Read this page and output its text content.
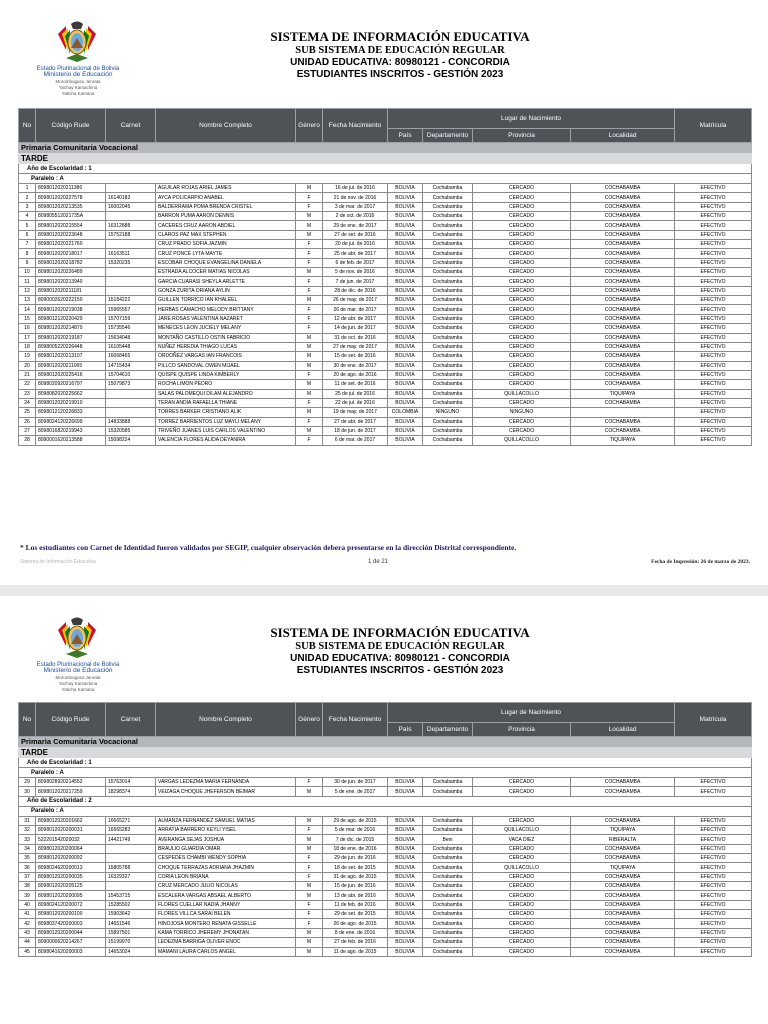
Estado Plurinacional de Bolivia
Ministerio de Educación
Morombogusu Jeroata
Yachay Kamachina
Yaticha Kamana
SISTEMA DE INFORMACIÓN EDUCATIVA
SUB SISTEMA DE EDUCACIÓN REGULAR
UNIDAD EDUCATIVA: 80980121 - CONCORDIA
ESTUDIANTES INSCRITOS - GESTIÓN 2023
No	Código Rude	Carnet	Nombre Completo	Género	Fecha Nacimiento	Lugar de Nacimiento				Matrícula
						País	Departamento	Provincia	Localidad	
Primaria Comunitaria Vocacional										
TARDE										
Año de Escolaridad : 1										
Paralelo : A										
1	8098012020211386		AGUILAR ROJAS ARIEL JAMES	M	16 de jul. de 2016	BOLIVIA	Cochabamba	CERCADO	COCHABAMBA	EFECTIVO
2	8098012020227578	16140183	AYCA POLICARPIO ANABEL	F	21 de nov. de 2016	BOLIVIA	Cochabamba	CERCADO	COCHABAMBA	EFECTIVO
3	8098012020213535	16002045	BALDERRAMA POMA BRENDA CRISTEL	F	3 de mar. de 2017	BOLIVIA	Cochabamba	CERCADO	COCHABAMBA	EFECTIVO
4	809805512021735A		BARRON PUMA AARON DENNIS	M	2 de oct. de 2016	BOLIVIA	Cochabamba	CERCADO	COCHABAMBA	EFECTIVO
5	8098012020215554	16312888	CACERES CRUZ AARON ABDIEL	M	29 de ene. de 2017	BOLIVIA	Cochabamba	CERCADO	COCHABAMBA	EFECTIVO
6	8098012020223648	15752188	CLAROS PAZ MAX STEPHEN	M	27 de set. de 2016	BOLIVIA	Cochabamba	CERCADO	COCHABAMBA	EFECTIVO
7	8098012020221760		CRUZ PRADO SOFIA JAZMIN	F	20 de jul. de 2016	BOLIVIA	Cochabamba	CERCADO	COCHABAMBA	EFECTIVO
8	8098012020218017	16163511	CRUZ PONCE LYTA MAYTE	F	25 de abr. de 2017	BOLIVIA	Cochabamba	CERCADO	COCHABAMBA	EFECTIVO
9	8098012020218782	15320235	ESCOBAR CHOQUE EVANGELINA DANIELA	F	6 de feb. de 2017	BOLIVIA	Cochabamba	CERCADO	COCHABAMBA	EFECTIVO
10	8098012020226489		ESTRADA ALCOCER MATIAS NICOLAS	M	5 de nov. de 2016	BOLIVIA	Cochabamba	CERCADO	COCHABAMBA	EFECTIVO
11	8098012020213940		GARCIA CUARASI SHEYLA ARLETTE	F	7 de jun. de 2017	BOLIVIA	Cochabamba	CERCADO	COCHABAMBA	EFECTIVO
12	8098012020211181		GONZA ZURITA ORIANA AYLIN	F	28 de dic. de 2016	BOLIVIA	Cochabamba	CERCADO	COCHABAMBA	EFECTIVO
13	8090002620222150	15184222	GUILLEN TORRICO IAN KHALEEL	M	26 de may. de 2017	BOLIVIA	Cochabamba	CERCADO	COCHABAMBA	EFECTIVO
14	8098012020219038	15965557	HERBAS CAMACHO MELODY BRITTANY	F	26 de mar. de 2017	BOLIVIA	Cochabamba	CERCADO	COCHABAMBA	EFECTIVO
15	8098012120220429	15707159	JARE ROSAS VALENTINA NAZARET	F	12 de abr. de 2017	BOLIVIA	Cochabamba	CERCADO	COCHABAMBA	EFECTIVO
16	8098012020214870	15735546	MENECES LEON JUCIELY MELANY	F	14 de jun. de 2017	BOLIVIA	Cochabamba	CERCADO	COCHABAMBA	EFECTIVO
17	8098012020219187	15634048	MONTAÑO CASTILLO OSTIN FABRICIO	M	31 de oct. de 2016	BOLIVIA	Cochabamba	CERCADO	COCHABAMBA	EFECTIVO
18	8098005220226448	16105448	NUÑEZ HEREDIA THIAGO LUCAS	M	27 de may. de 2017	BOLIVIA	Cochabamba	CERCADO	COCHABAMBA	EFECTIVO
19	8098012020213107	16068465	ORDOÑEZ VARGAS IAN FRANCOIS	M	15 de set. de 2016	BOLIVIA	Cochabamba	CERCADO	COCHABAMBA	EFECTIVO
20	8098012020211065	14715434	PILLCO SANDOVAL OWEN MIJAEL	M	30 de ene. de 2017	BOLIVIA	Cochabamba	CERCADO	COCHABAMBA	EFECTIVO
21	8098012020225416	15704610	QUISPE QUISPE LINDA KIMBERLY	F	20 de ago. de 2016	BOLIVIA	Cochabamba	CERCADO	COCHABAMBA	EFECTIVO
22	8098020920216797	15079873	ROCHA LIMON PEDRO	M	11 de set. de 2016	BOLIVIA	Cochabamba	CERCADO	COCHABAMBA	EFECTIVO
23	8098082020225662		SALAS PALOMEQUI DILAM ALEJANDRO	M	25 de jul. de 2016	BOLIVIA	Cochabamba	QUILLACOLLO	TIQUIPAYA	EFECTIVO
24	8098012020219910		TERAN ANDIA RAFAELLA THIANE	F	22 de jul. de 2016	BOLIVIA	Cochabamba	CERCADO	COCHABAMBA	EFECTIVO
25	8098012120226833		TORRES BARKER CRISTIANO ALIK	M	19 de may. de 2017	COLOMBIA	NINGUNO	NINGUNO		EFECTIVO
26	8098024120226699	14833888	TORREZ BARRIENTOS LUZ MAYLI MELANY	F	27 de abr. de 2017	BOLIVIA	Cochabamba	CERCADO	COCHABAMBA	EFECTIVO
27	8098016820219943	15320585	TRIVEÑO JUANES LUIS CARLOS VALENTINO	M	18 de jun. de 2017	BOLIVIA	Cochabamba	CERCADO	COCHABAMBA	EFECTIVO
28	8090001620213588	15098224	VALENCIA FLORES ALIDA DEYANIRA	F	6 de mar. de 2017	BOLIVIA	Cochabamba	QUILLACOLLO	TIQUIPAYA	EFECTIVO
* Los estudiantes con Carnet de Identidad fueron validados por SEGIP, cualquier observación debera presentarse en la dirección Distrital correspondiente.
Sistema de Información Educativa	1 de 21	Fecha de Impresión: 26 de marzo de 2023.
Estado Plurinacional de Bolivia
Ministerio de Educación
Morombogusu Jeroata
Yachay Kamachina
Yaticha Kamana
SISTEMA DE INFORMACIÓN EDUCATIVA
SUB SISTEMA DE EDUCACIÓN REGULAR
UNIDAD EDUCATIVA: 80980121 - CONCORDIA
ESTUDIANTES INSCRITOS - GESTIÓN 2023
No	Código Rude	Carnet	Nombre Completo	Género	Fecha Nacimiento	Lugar de Nacimiento				Matrícula
						País	Departamento	Provincia	Localidad	
Primaria Comunitaria Vocacional										
TARDE										
Año de Escolaridad : 1										
Paralelo : A										
29	8098028920214552	15763014	VARGAS LEDEZMA MARIA FERNANDA	F	30 de jun. de 2017	BOLIVIA	Cochabamba	CERCADO	COCHABAMBA	EFECTIVO
30	8098012020217259	18298374	VEIZAGA CHOQUE JHEFERSON BEIMAR	M	5 de ene. de 2017	BOLIVIA	Cochabamba	CERCADO	COCHABAMBA	EFECTIVO
Año de Escolaridad : 2										
Paralelo : A										
31	8098012020201662	16665271	ALMANZA FERNANDEZ SAMUEL MATIAS	M	29 de ago. de 2015	BOLIVIA	Cochabamba	CERCADO	COCHABAMBA	EFECTIVO
32	8098012020200031	16565283	ARRATIA BARRERO KEYLI YISEL	F	5 de mar. de 2016	BOLIVIA	Cochabamba	QUILLACOLLO	TIQUIPAYA	EFECTIVO
33	522201542020032	14421749	AVERANGA SEJAS JOSHUA	M	7 de dic. de 2015	BOLIVIA	Beni	VACA DIEZ	RIBERALTA	EFECTIVO
34	8098012020200064		BRAULIO GUARDIA OMAR	M	18 de ene. de 2016	BOLIVIA	Cochabamba	CERCADO	COCHABAMBA	EFECTIVO
35	8098012020200092		CESPEDES CHAMBI WENDY SOPHIA	F	29 de jun. de 2016	BOLIVIA	Cochabamba	CERCADO	COCHABAMBA	EFECTIVO
36	8098024620200013	15805788	CHOQUE TERRAZAS ADRIANA JHAZMIN	F	18 de set. de 2015	BOLIVIA	Cochabamba	QUILLACOLLO	TIQUIPAYA	EFECTIVO
37	8098012020200035	16329327	CORIA LEON BRIANA	F	31 de ago. de 2015	BOLIVIA	Cochabamba	CERCADO	COCHABAMBA	EFECTIVO
38	8098012020205125		CRUZ MERCADO JULIO NICOLAS	M	15 de jun. de 2016	BOLIVIA	Cochabamba	CERCADO	COCHABAMBA	EFECTIVO
39	8098012020200095	15453715	ESCALERA VARGAS ABSAEL ALBERTO	M	13 de abr. de 2016	BOLIVIA	Cochabamba	CERCADO	COCHABAMBA	EFECTIVO
40	8098024120200072	15285502	FLORES CUELLAR NADIA JHANNY	F	11 de feb. de 2016	BOLIVIA	Cochabamba	CERCADO	COCHABAMBA	EFECTIVO
41	8098012020200100	15903642	FLORES VILLCA SARAI BELEN	F	29 de set. de 2015	BOLIVIA	Cochabamba	CERCADO	COCHABAMBA	EFECTIVO
42	8098037420200003	14651546	HINOJOSA MONTERO RENATA GISSELLE	F	26 de ago. de 2015	BOLIVIA	Cochabamba	CERCADO	COCHABAMBA	EFECTIVO
43	8098012020200044	15897501	KAMA TORRICO JHEREMY JHONATAN	M	8 de ene. de 2016	BOLIVIA	Cochabamba	CERCADO	COCHABAMBA	EFECTIVO
44	8090000620214267	15199970	LEDEZMA BARRIGA OLIVER ENOC	M	27 de feb. de 2016	BOLIVIA	Cochabamba	CERCADO	COCHABAMBA	EFECTIVO
45	8098041620200003	14653024	MAMANI LAURA CARLOS ANGEL	M	11 de ago. de 2015	BOLIVIA	Cochabamba	CERCADO	COCHABAMBA	EFECTIVO
